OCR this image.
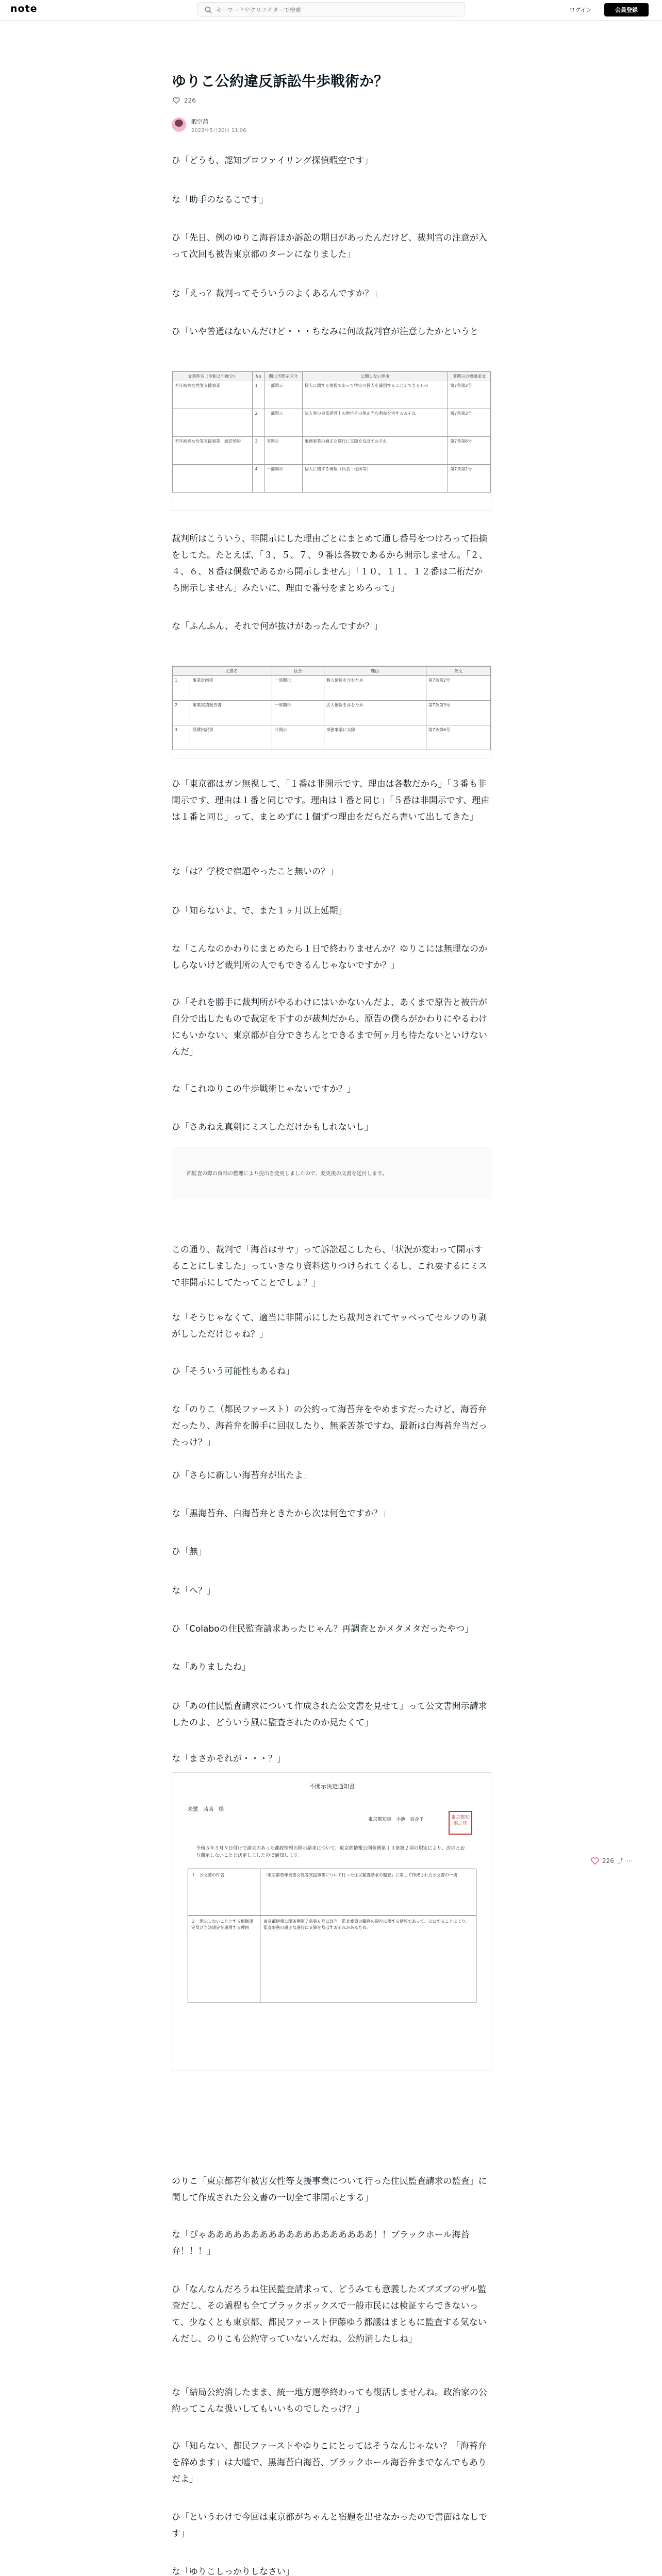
note
キーワードやクリエイターで検索	ログイン	会員登録
ゆりこ公約違反訴訟牛歩戦術か？
226
暇空茜
2023年5月30日 11:06

ひ「どうも、認知プロファイリング探偵暇空です」

な「助手のなるこです」

ひ「先日、例のゆりこ海苔ほか訴訟の期日があったんだけど、裁判官の注意が入って次回も被告東京都のターンになりました」

な「えっ？裁判ってそういうのよくあるんですか？」

ひ「いや普通はないんだけど・・・ちなみに何故裁判官が注意したかというと

文書件名（令和２年度分）	No	開示不開示区分	公開しない理由	非開示の根拠条文
若年被害女性等支援事業	1	一部開示	個人に関する情報であって特定の個人を識別することができるもの	第7条第2号
	2	一部開示	法人等の事業運営上の地位その他正当な利益を害するおそれ	第7条第3号
若年被害女性等支援事業　委託契約	3	非開示	事務事業の適正な遂行に支障を及ぼすおそれ	第7条第6号
	4	一部開示	個人に関する情報（氏名・住所等）	第7条第2号

裁判所はこういう、非開示にした理由ごとにまとめて通し番号をつけろって指摘をしてた。たとえば、「３、５、７、９番は各数であるから開示しません。「２、４、６、８番は偶数であるから開示しません」「１０、１１、１２番は二桁だから開示しません」みたいに、理由で番号をまとめろって」

な「ふんふん、それで何が抜けがあったんですか？」

	文書名	区分	理由	条文
1	事業計画書	一部開示	個人情報を含むため	第7条第2号
2	事業実績報告書	一部開示	法人情報を含むため	第7条第3号
3	経費内訳書	非開示	事務事業に支障	第7条第6号

ひ「東京都はガン無視して、「１番は非開示です、理由は各数だから」「３番も非開示です、理由は１番と同じです。理由は１番と同じ」「５番は非開示です、理由は１番と同じ」って、まとめずに１個ずつ理由をだらだら書いて出してきた」

な「は？学校で宿題やったこと無いの？」

ひ「知らないよ、で、また１ヶ月以上延期」

な「こんなのかわりにまとめたら１日で終わりませんか？ゆりこには無理なのかしらないけど裁判所の人でもできるんじゃないですか？」

ひ「それを勝手に裁判所がやるわけにはいかないんだよ、あくまで原告と被告が自分で出したもので裁定を下すのが裁判だから、原告の僕らがかわりにやるわけにもいかない、東京都が自分できちんとできるまで何ヶ月も待たないといけないんだ」

な「これゆりこの牛歩戦術じゃないですか？」

ひ「さあねえ真剣にミスしただけかもしれないし」

都監査の際の資料の整理により提出を変更しましたので、変更後の文書を送付します。

この通り、裁判で「海苔はサヤ」って訴訟起こしたら、「状況が変わって開示することにしました」っていきなり資料送りつけられてくるし、これ要するにミスで非開示にしてたってことでしょ？」

な「そうじゃなくて、適当に非開示にしたら裁判されてヤッベってセルフのり剥がししただけじゃね？」

ひ「そういう可能性もあるね」

な「のりこ（都民ファースト）の公約って海苔弁をやめますだったけど、海苔弁だったり、海苔弁を勝手に回収したり、無茶苦茶ですね、最新は白海苔弁当だったっけ？」

ひ「さらに新しい海苔弁が出たよ」

な「黒海苔弁、白海苔弁ときたから次は何色ですか？」

ひ「無」

な「へ？」

ひ「Colaboの住民監査請求あったじゃん？再調査とかメタメタだったやつ」

な「ありましたね」

ひ「あの住民監査請求について作成された公文書を見せて」って公文書開示請求したのよ、どういう風に監査されたのか見たくて」

な「まさかそれが・・・？」

不開示決定通知書
朱鷺　茜茜　様
東京都知事　小池　百合子	東京都知事之印
令和５年５月９日付けで請求のあった都政情報の開示請求について、東京都情報公開条例第１３条第２項の規定により、次のとおり開示しないことと決定しましたので通知します。
１　公文書の件名	「東京都若年被害女性等支援事業について行った住民監査請求の監査」に関して作成された公文書の一切
２　開示しないこととする根拠規定及び当該規定を適用する理由	東京都情報公開条例第７条第６号に該当　監査委員の職務の遂行に関する情報であって、公にすることにより、監査事務の適正な遂行に支障を及ぼすおそれがあるため。

のりこ「東京都若年被害女性等支援事業について行った住民監査請求の監査」に関して作成された公文書の一切全て非開示とする」

な「ぴゃあああああああああああああああああああ！！ブラックホール海苔弁！！！」

ひ「なんなんだろうね住民監査請求って、どうみても意義したズブズブのザル監査だし、その過程も全てブラックボックスで一般市民には検証すらできないって、少なくとも東京都、都民ファースト伊藤ゆう都議はまともに監査する気ないんだし、のりこも公約守っていないんだね、公約消したしね」

な「結局公約消したまま、統一地方選挙終わっても復活しませんね。政治家の公約ってこんな扱いしてもいいものでしたっけ？」

ひ「知らない、都民ファーストやゆりこにとってはそうなんじゃない？「海苔弁を辞めます」は大嘘で、黒海苔白海苔、ブラックホール海苔弁までなんでもありだよ」

ひ「というわけで今回は東京都がちゃんと宿題を出せなかったので書面はなしです」

な「ゆりこしっかりしなさい」

226 ⤴ ⋯
